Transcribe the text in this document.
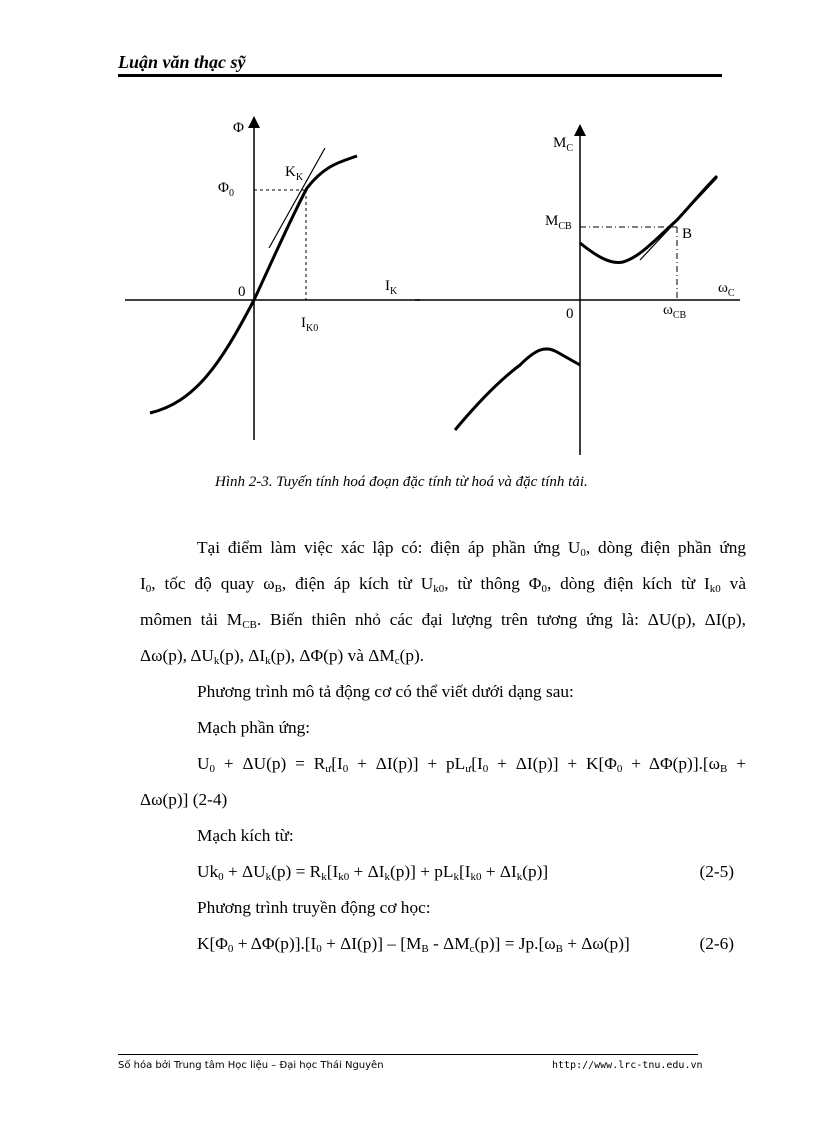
Luận văn thạc sỹ
Φ
$I_K$
0
$K_K$
$\Phi_0$
$I_{K0}$
$M_C$
$\omega_C$
0
B
$M_{CB}$
$\omega_{CB}$
Hình 2-3. Tuyến tính hoá đoạn đặc tính từ hoá và đặc tính tải.

Tại điểm làm việc xác lập có: điện áp phần ứng $U_0$, dòng điện phần ứng

$I_0$, tốc độ quay $\omega_B$, điện áp kích từ $U_{k0}$, từ thông $\Phi_0$, dòng điện kích từ $I_{k0}$ và

mômen tải $M_{CB}$. Biến thiên nhỏ các đại lượng trên tương ứng là: ΔU(p), ΔI(p),

Δω(p), $\Delta U_k(p)$, $\Delta I_k(p)$, ΔΦ(p) và $\Delta M_c(p)$.

Phương trình mô tả động cơ có thể viết dưới dạng sau:

Mạch phần ứng:

$U_0 + \Delta U(p) = R_ư[I_0 + \Delta I(p)] + pL_ư[I_0 + \Delta I(p)] + K[\Phi_0 + \Delta\Phi(p)].[\omega_B$ +

Δω(p)] (2-4)

Mạch kích từ:

$Uk_0 + \Delta U_k(p) = R_k[I_{k0} + \Delta I_k(p)] + pL_k[I_{k0} + \Delta I_k(p)]$	(2-5)

Phương trình truyền động cơ học:

$K[\Phi_0 + \Delta\Phi(p)].[I_0 + \Delta I(p)] - [M_B - \Delta M_c(p)] = Jp.[\omega_B + \Delta\omega(p)]$	(2-6)

Số hóa bởi Trung tâm Học liệu – Đại học Thái Nguyên	http://www.lrc-tnu.edu.vn
